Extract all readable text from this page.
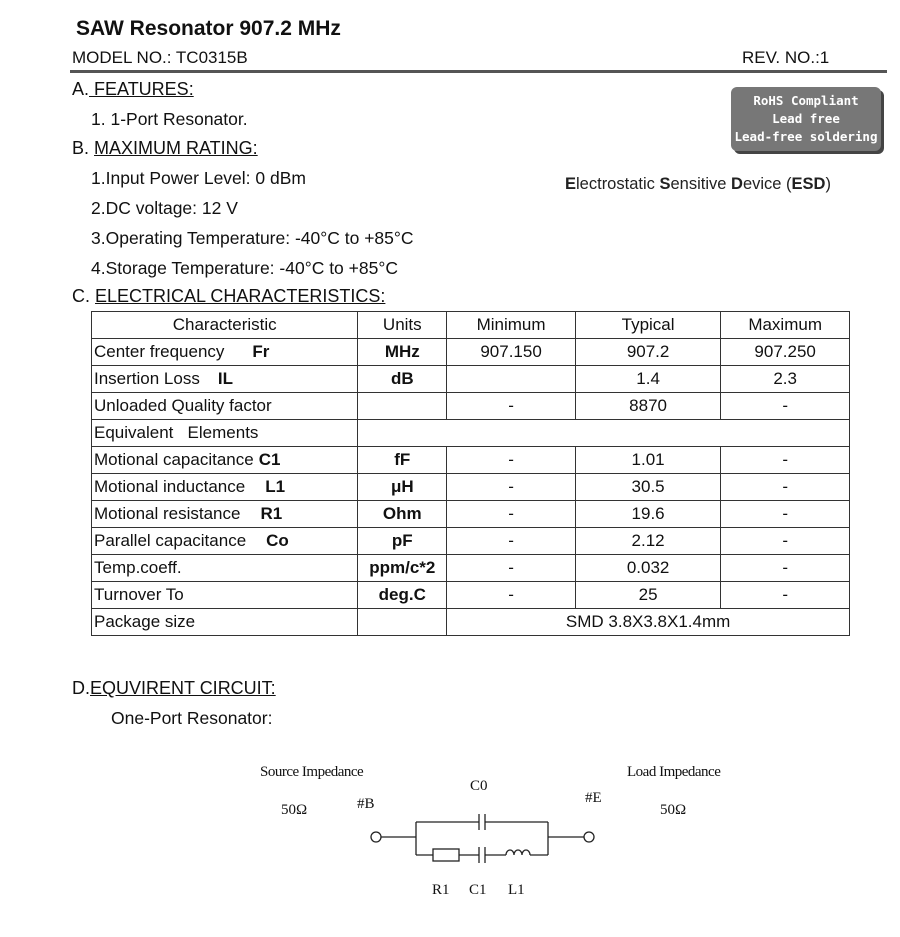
SAW Resonator 907.2 MHz
MODEL NO.: TC0315B	REV. NO.:1
RoHS Compliant
Lead free
Lead-free soldering
Electrostatic Sensitive Device (ESD)
A. FEATURES:
1. 1-Port Resonator.
B. MAXIMUM RATING:
1.Input Power Level: 0 dBm
2.DC voltage: 12 V
3.Operating Temperature: -40°C to +85°C
4.Storage Temperature: -40°C to +85°C
C. ELECTRICAL CHARACTERISTICS:
Characteristic	Units	Minimum	Typical	Maximum
Center frequency Fr	MHz	907.150	907.2	907.250
Insertion Loss IL	dB		1.4	2.3
Unloaded Quality factor		-	8870	-
Equivalent   Elements				
Motional capacitance C1	fF	-	1.01	-
Motional inductance L1	μH	-	30.5	-
Motional resistance R1	Ohm	-	19.6	-
Parallel capacitance Co	pF	-	2.12	-
Temp.coeff.	ppm/c*2	-	0.032	-
Turnover To	deg.C	-	25	-
Package size		SMD 3.8X3.8X1.4mm		
D.EQUVIRENT CIRCUIT:
One-Port Resonator:
Source Impedance	Load Impedance
50Ω	50Ω
#B	#E
C0
R1 C1 L1
